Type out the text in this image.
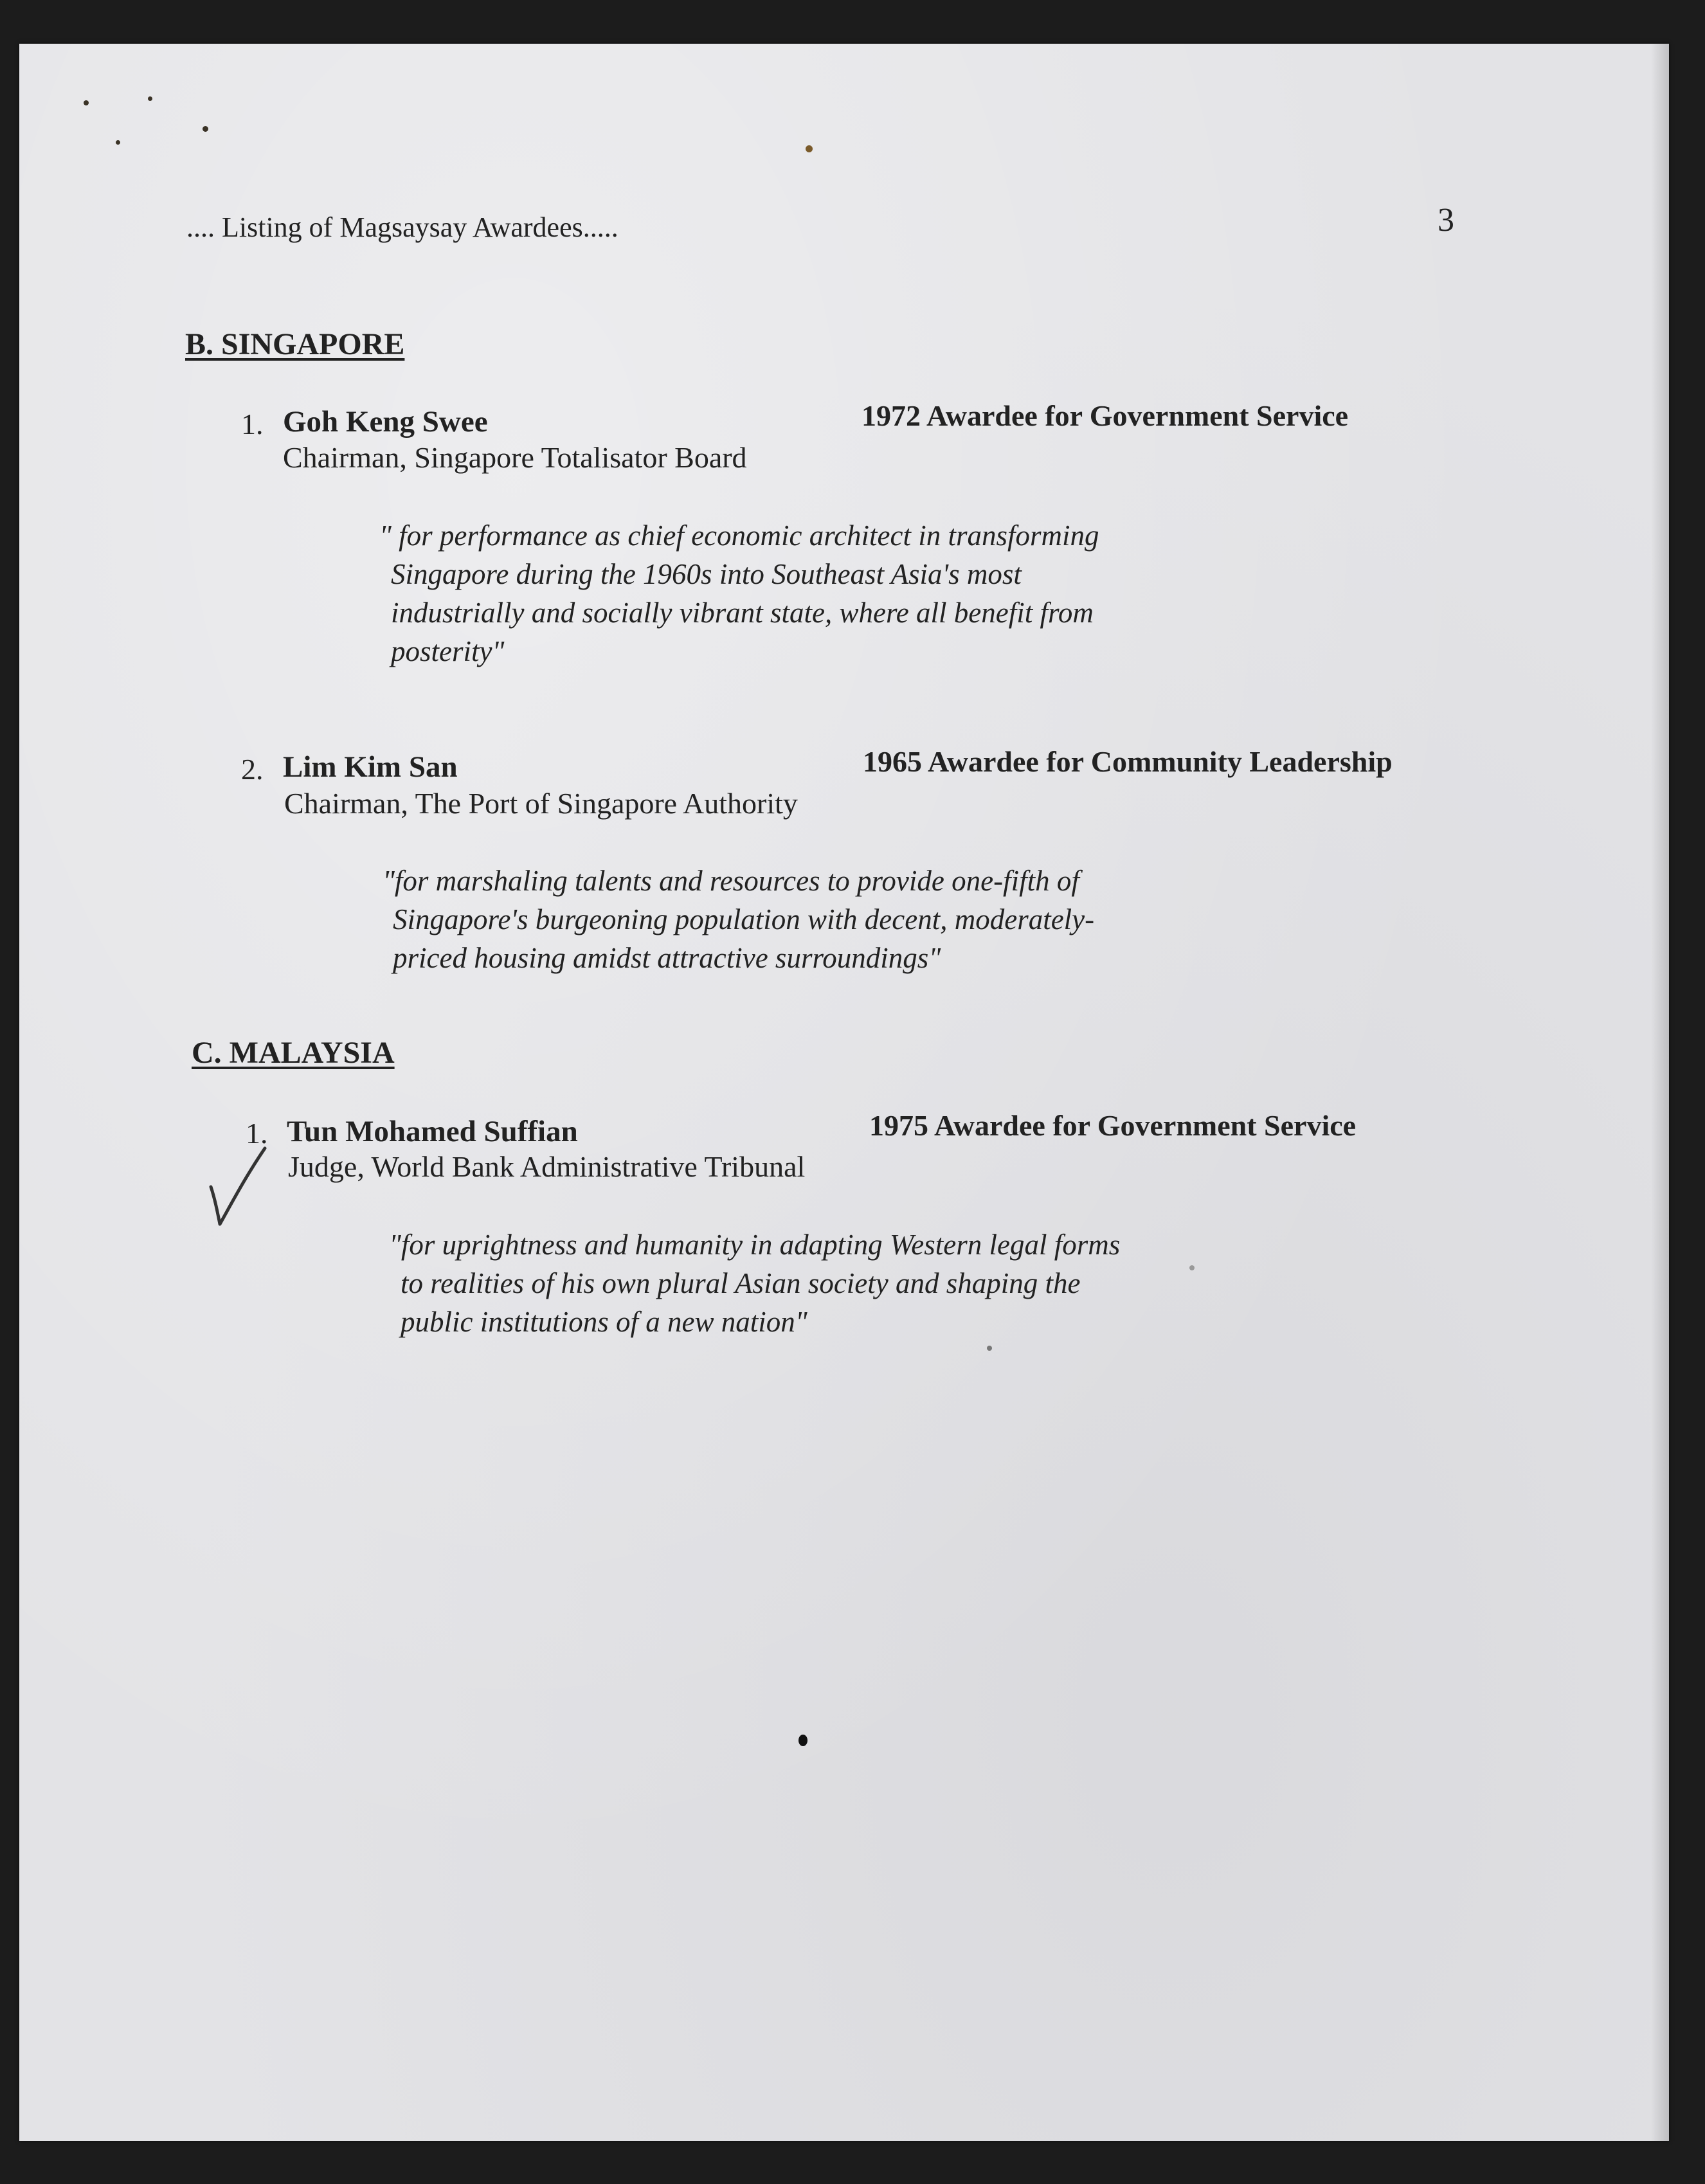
.... Listing of Magsaysay Awardees.....	3
B. SINGAPORE
1. Goh Keng Swee	1972 Awardee for Government Service
Chairman, Singapore Totalisator Board
" for performance as chief economic architect in transforming
Singapore during the 1960s into Southeast Asia's most
industrially and socially vibrant state, where all benefit from
posterity"
2. Lim Kim San	1965 Awardee for Community Leadership
Chairman, The Port of Singapore Authority
"for marshaling talents and resources to provide one-fifth of
Singapore's burgeoning population with decent, moderately-
priced housing amidst attractive surroundings"
C. MALAYSIA
1. Tun Mohamed Suffian	1975 Awardee for Government Service
Judge, World Bank Administrative Tribunal
"for uprightness and humanity in adapting Western legal forms
to realities of his own plural Asian society and shaping the
public institutions of a new nation"
